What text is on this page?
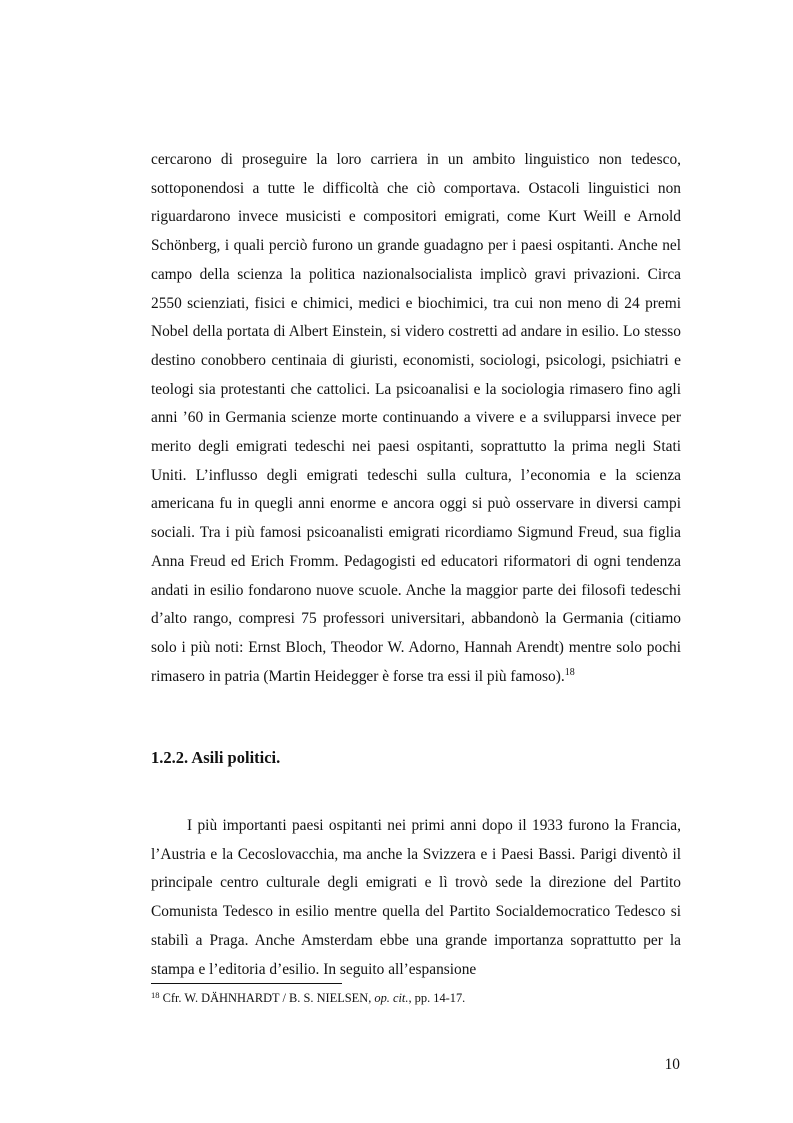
cercarono di proseguire la loro carriera in un ambito linguistico non tedesco, sottoponendosi a tutte le difficoltà che ciò comportava. Ostacoli linguistici non riguardarono invece musicisti e compositori emigrati, come Kurt Weill e Arnold Schönberg, i quali perciò furono un grande guadagno per i paesi ospitanti. Anche nel campo della scienza la politica nazionalsocialista implicò gravi privazioni. Circa 2550 scienziati, fisici e chimici, medici e biochimici, tra cui non meno di 24 premi Nobel della portata di Albert Einstein, si videro costretti ad andare in esilio. Lo stesso destino conobbero centinaia di giuristi, economisti, sociologi, psicologi, psichiatri e teologi sia protestanti che cattolici. La psicoanalisi e la sociologia rimasero fino agli anni ’60 in Germania scienze morte continuando a vivere e a svilupparsi invece per merito degli emigrati tedeschi nei paesi ospitanti, soprattutto la prima negli Stati Uniti. L’influsso degli emigrati tedeschi sulla cultura, l’economia e la scienza americana fu in quegli anni enorme e ancora oggi si può osservare in diversi campi sociali. Tra i più famosi psicoanalisti emigrati ricordiamo Sigmund Freud, sua figlia Anna Freud ed Erich Fromm. Pedagogisti ed educatori riformatori di ogni tendenza andati in esilio fondarono nuove scuole. Anche la maggior parte dei filosofi tedeschi d’alto rango, compresi 75 professori universitari, abbandonò la Germania (citiamo solo i più noti: Ernst Bloch, Theodor W. Adorno, Hannah Arendt) mentre solo pochi rimasero in patria (Martin Heidegger è forse tra essi il più famoso).$^{18}$

1.2.2. Asili politici.

I più importanti paesi ospitanti nei primi anni dopo il 1933 furono la Francia, l’Austria e la Cecoslovacchia, ma anche la Svizzera e i Paesi Bassi. Parigi diventò il principale centro culturale degli emigrati e lì trovò sede la direzione del Partito Comunista Tedesco in esilio mentre quella del Partito Socialdemocratico Tedesco si stabilì a Praga. Anche Amsterdam ebbe una grande importanza soprattutto per la stampa e l’editoria d’esilio. In seguito all’espansione

$^{18}$ Cfr. W. DÄHNHARDT / B. S. NIELSEN, op. cit., pp. 14-17.
10
